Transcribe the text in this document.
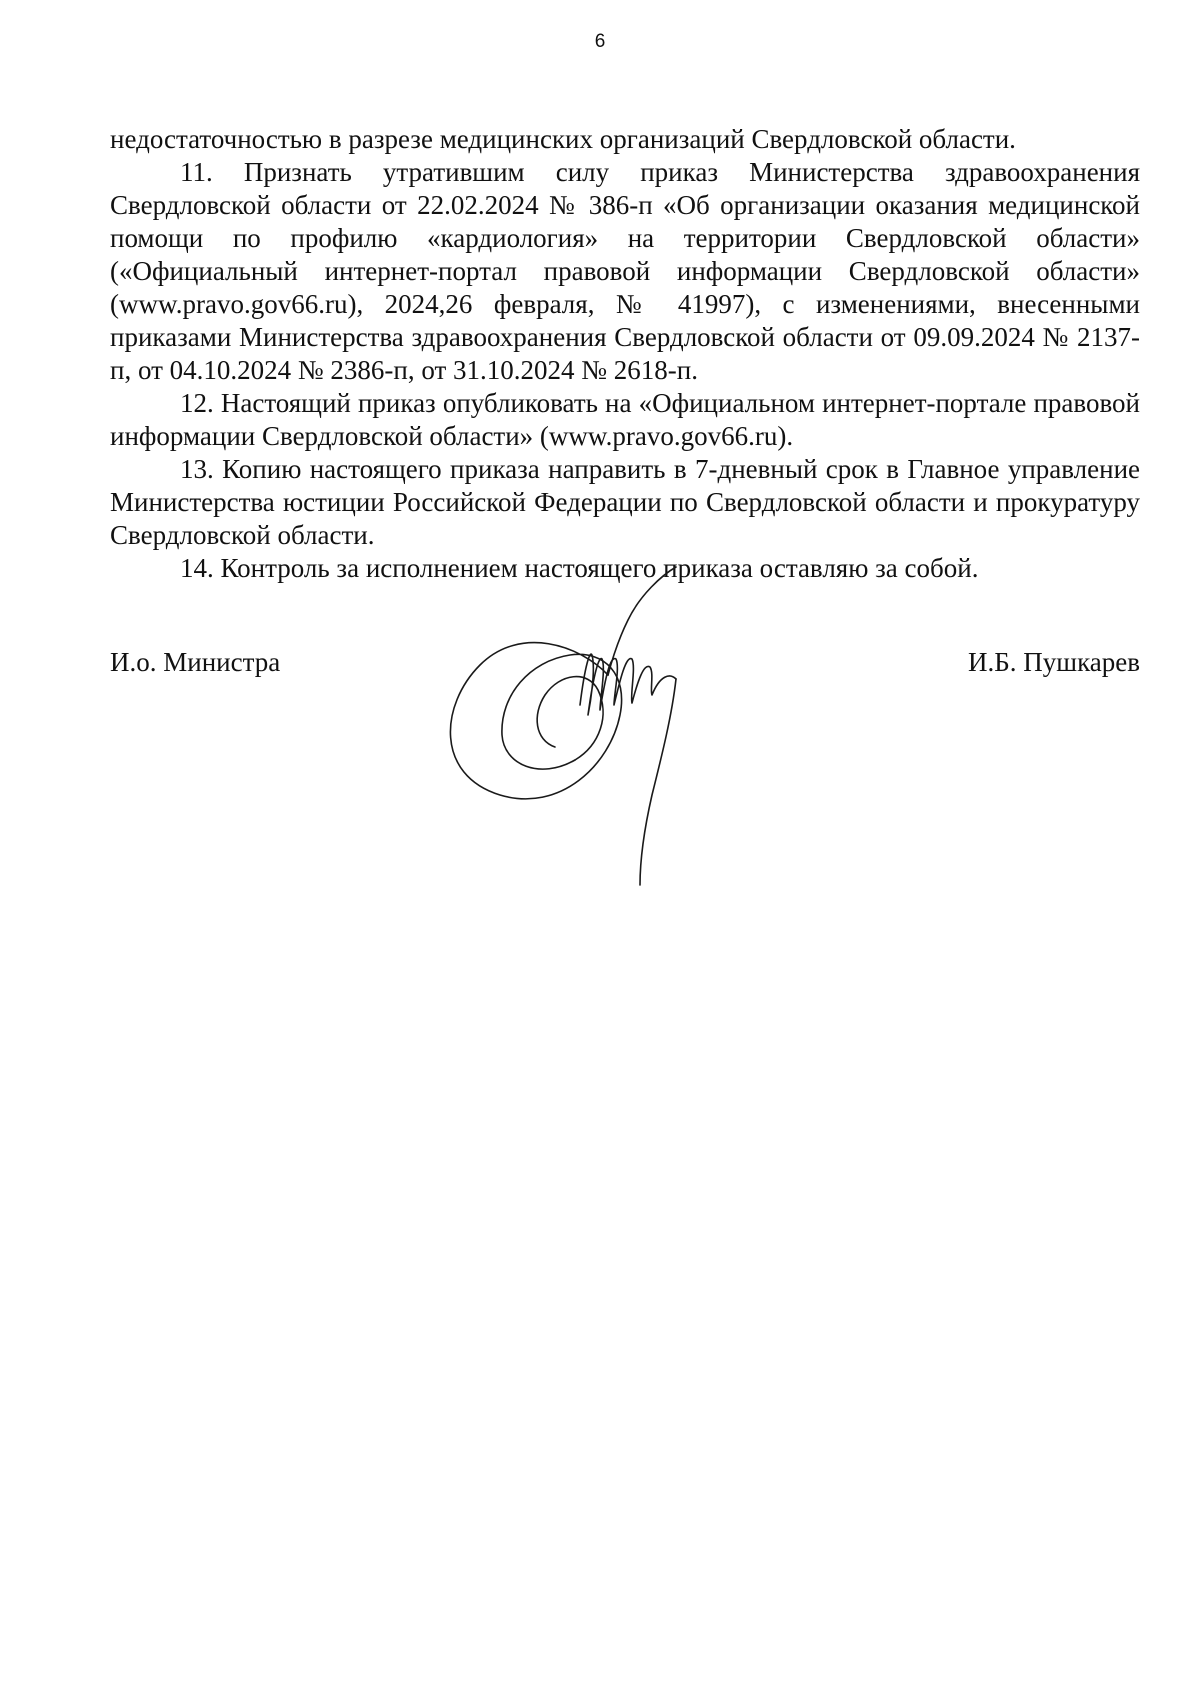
6

недостаточностью в разрезе медицинских организаций Свердловской области.

11. Признать утратившим силу приказ Министерства здравоохранения Свердловской области от 22.02.2024 № 386-п «Об организации оказания медицинской помощи по профилю «кардиология» на территории Свердловской области» («Официальный интернет-портал правовой информации Свердловской области» (www.pravo.gov66.ru), 2024,26 февраля, № 41997), с изменениями, внесенными приказами Министерства здравоохранения Свердловской области от 09.09.2024 № 2137-п, от 04.10.2024 № 2386-п, от 31.10.2024 № 2618-п.

12. Настоящий приказ опубликовать на «Официальном интернет-портале правовой информации Свердловской области» (www.pravo.gov66.ru).

13. Копию настоящего приказа направить в 7-дневный срок в Главное управление Министерства юстиции Российской Федерации по Свердловской области и прокуратуру Свердловской области.

14. Контроль за исполнением настоящего приказа оставляю за собой.

И.о. Министра	И.Б. Пушкарев
